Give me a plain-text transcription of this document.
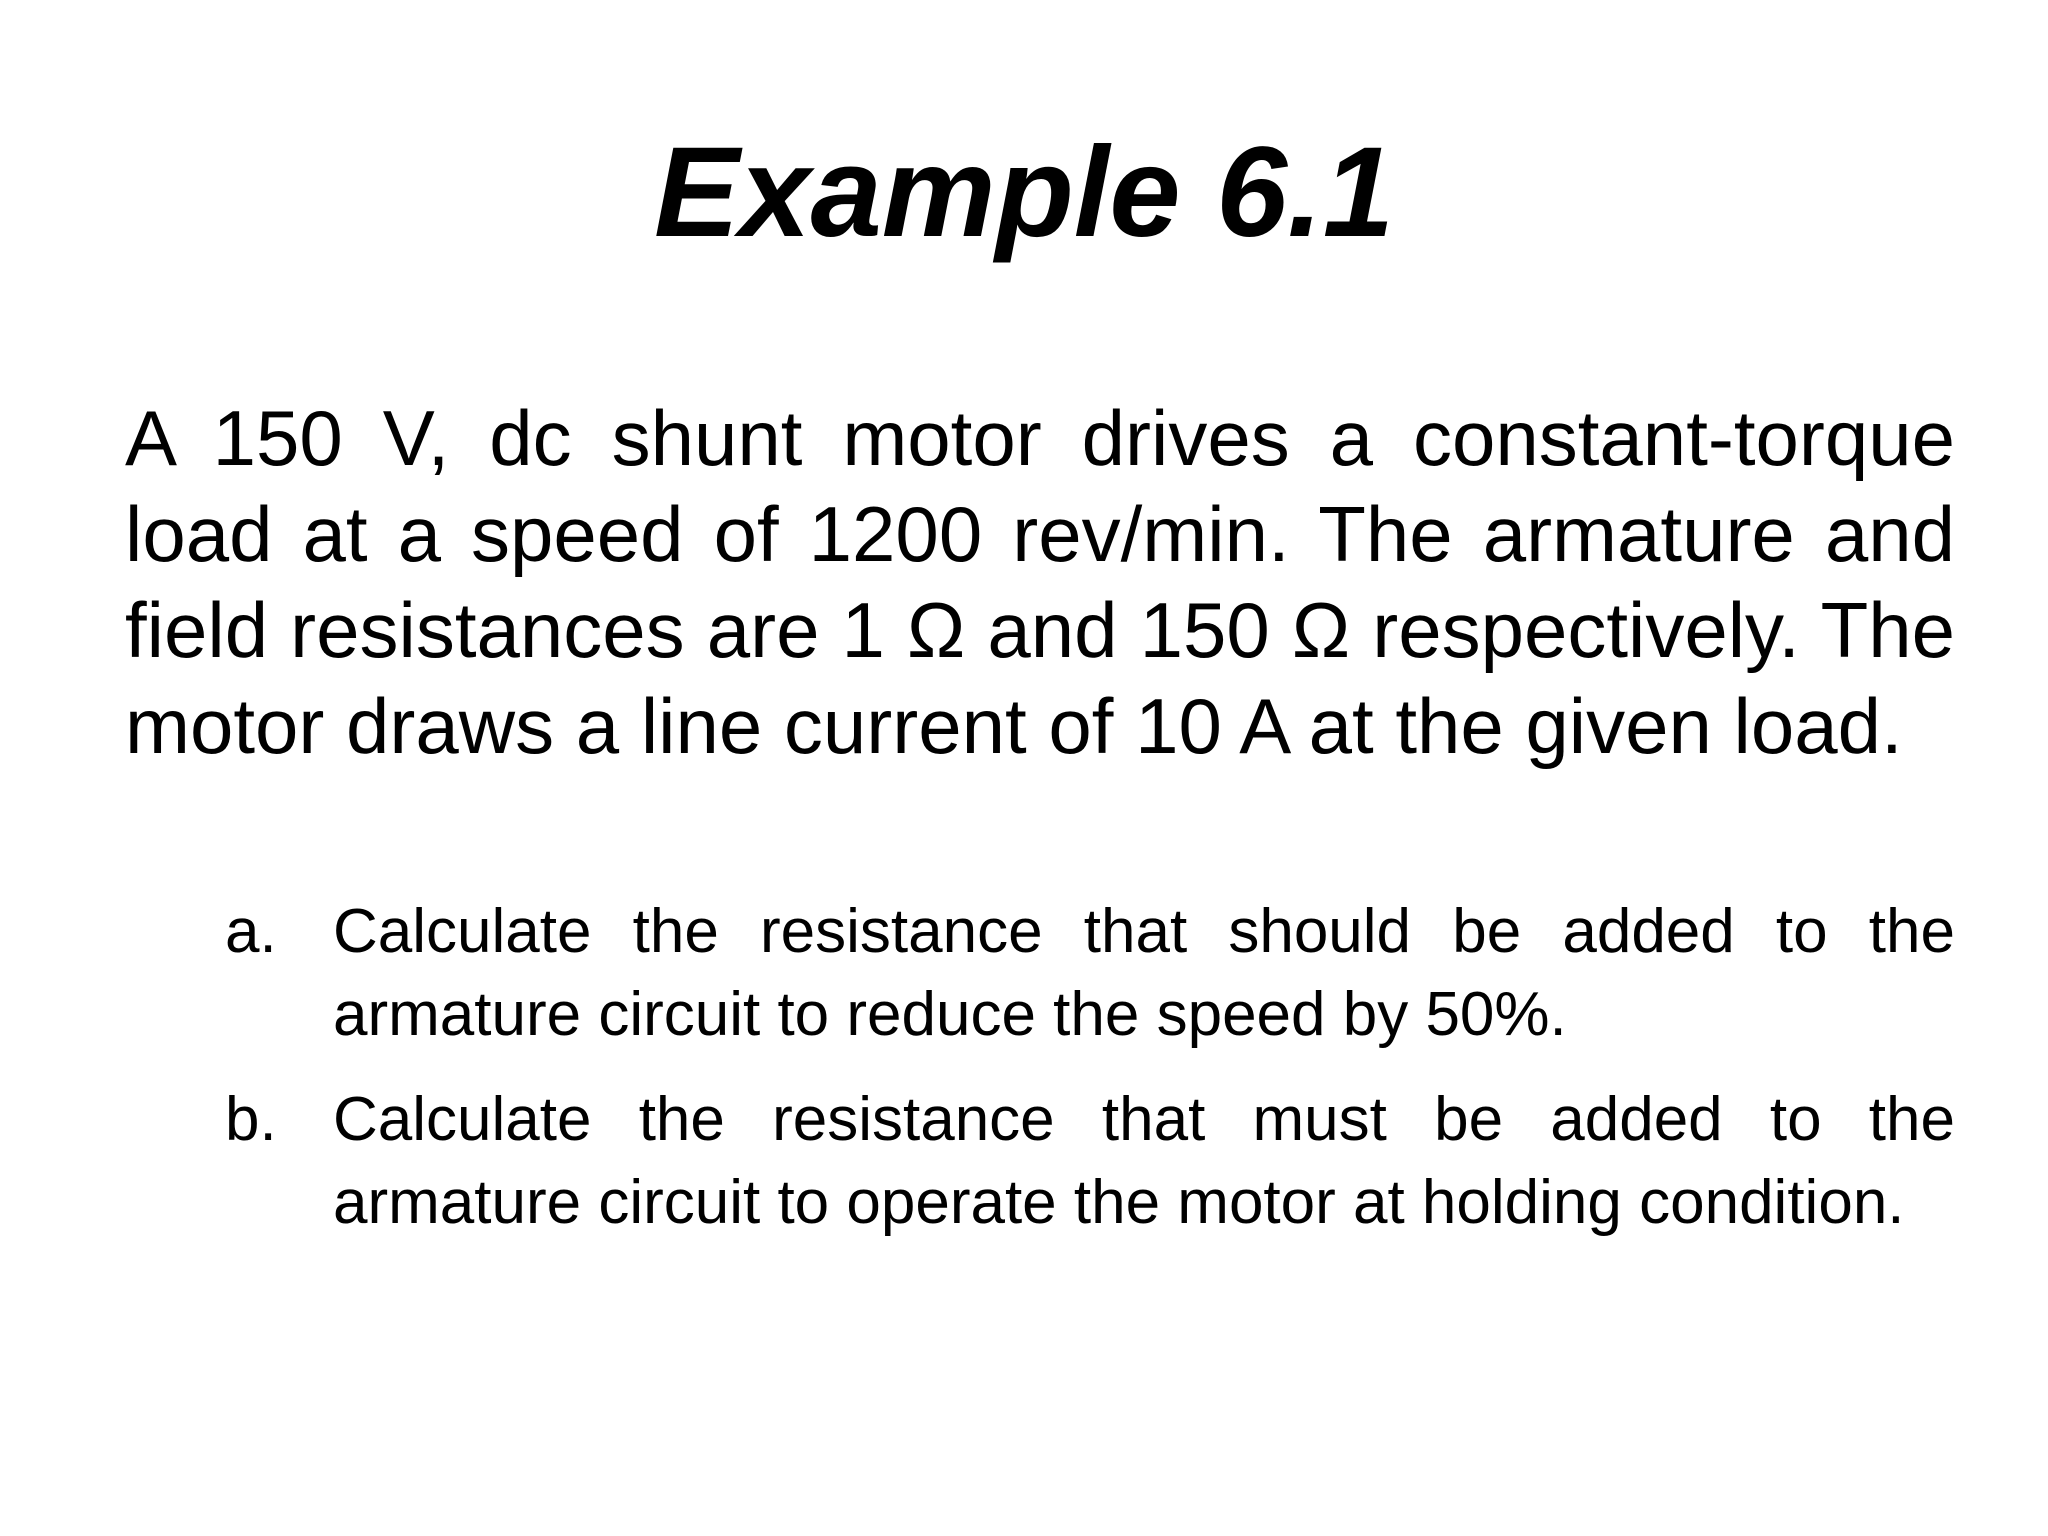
Example 6.1

A 150 V, dc shunt motor drives a constant-torque load at a speed of 1200 rev/min. The armature and field resistances are 1 Ω and 150 Ω respectively. The motor draws a line current of 10 A at the given load.

a. Calculate the resistance that should be added to the armature circuit to reduce the speed by 50%.
b. Calculate the resistance that must be added to the armature circuit to operate the motor at holding condition.
